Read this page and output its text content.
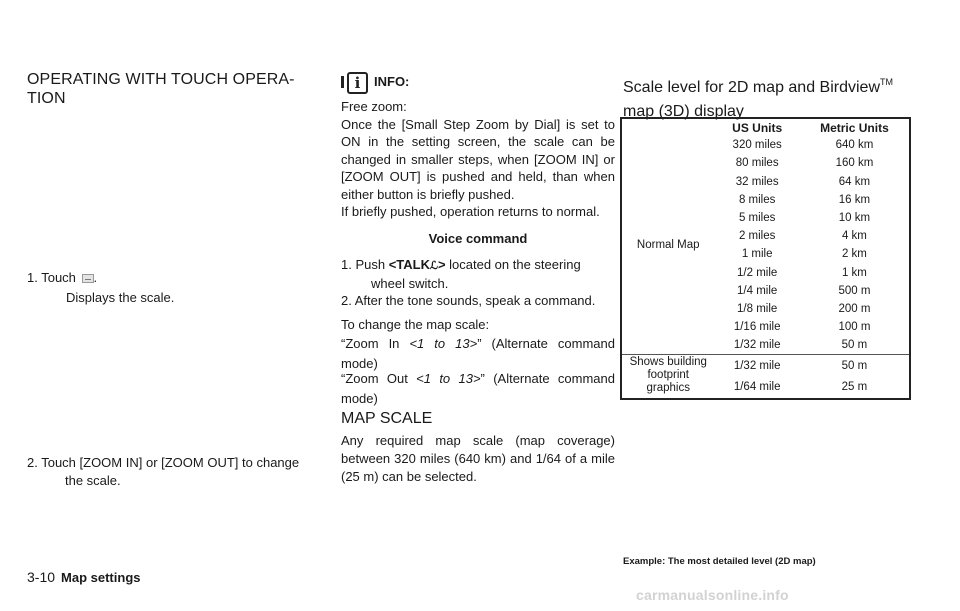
OPERATING WITH TOUCH OPERA-
TION
1. Touch .
Displays the scale.
2. Touch [ZOOM IN] or [ZOOM OUT] to change the scale.
i	INFO:
Free zoom:
Once the [Small Step Zoom by Dial] is set to ON in the setting screen, the scale can be changed in smaller steps, when [ZOOM IN] or [ZOOM OUT] is pushed and held, than when either button is briefly pushed.
If briefly pushed, operation returns to normal.
Voice command
1. Push <TALKℒ> located on the steering wheel switch.
2. After the tone sounds, speak a command.
To change the map scale:
“Zoom In <1 to 13>” (Alternate command mode)
“Zoom Out <1 to 13>” (Alternate command mode)
MAP SCALE
Any required map scale (map coverage) between 320 miles (640 km) and 1/64 of a mile (25 m) can be selected.
Scale level for 2D map and Birdview™
map (3D) display
	US Units	Metric Units
Normal Map	320 miles	640 km
	80 miles	160 km
	32 miles	64 km
	8 miles	16 km
	5 miles	10 km
	2 miles	4 km
	1 mile	2 km
	1/2 mile	1 km
	1/4 mile	500 m
	1/8 mile	200 m
	1/16 mile	100 m
	1/32 mile	50 m
Shows building footprint graphics	1/32 mile	50 m
	1/64 mile	25 m
Example: The most detailed level (2D map)
3-10 Map settings
carmanualsonline.info
